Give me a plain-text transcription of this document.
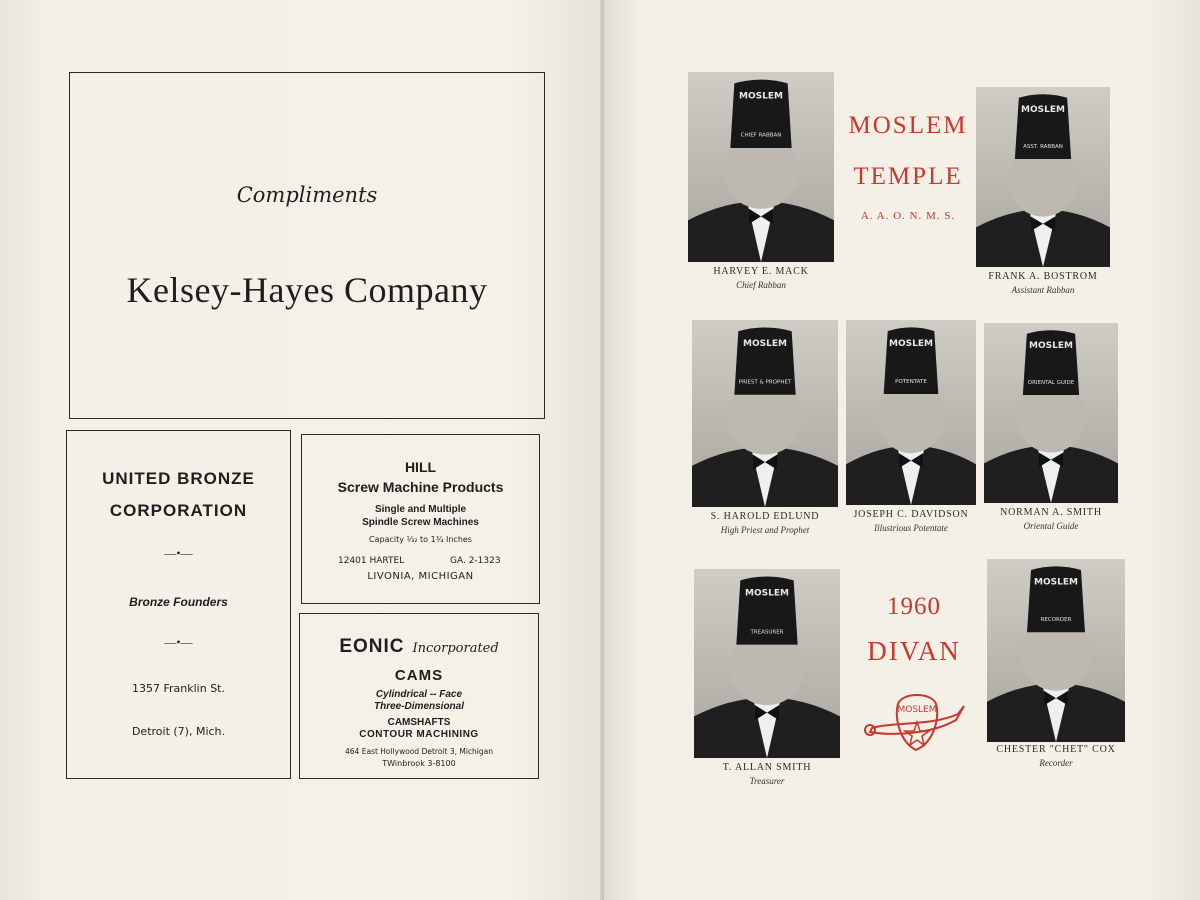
Compliments
Kelsey-Hayes Company
UNITED BRONZE
CORPORATION
—•—
Bronze Founders
—•—
1357 Franklin St.
Detroit (7), Mich.
HILL
Screw Machine Products
Single and Multiple
Spindle Screw Machines
Capacity ⅓₂ to 1¾ Inches
12401 HARTEL	GA. 2-1323
LIVONIA, MICHIGAN
EONIC Incorporated
CAMS
Cylindrical -- Face
Three-Dimensional
CAMSHAFTS
CONTOUR MACHINING
464 East Hollywood Detroit 3, Michigan
TWinbrook 3-8100
MOSLEM
TEMPLE
A. A. O. N. M. S.
1960
DIVAN
MOSLEM
MOSLEM
CHIEF RABBAN
HARVEY E. MACK
Chief Rabban
MOSLEM
ASST. RABBAN
FRANK A. BOSTROM
Assistant Rabban
MOSLEM
PRIEST & PROPHET
S. HAROLD EDLUND
High Priest and Prophet
MOSLEM
POTENTATE
JOSEPH C. DAVIDSON
Illustrious Potentate
MOSLEM
ORIENTAL GUIDE
NORMAN A. SMITH
Oriental Guide
MOSLEM
TREASURER
T. ALLAN SMITH
Treasurer
MOSLEM
RECORDER
CHESTER "CHET" COX
Recorder
